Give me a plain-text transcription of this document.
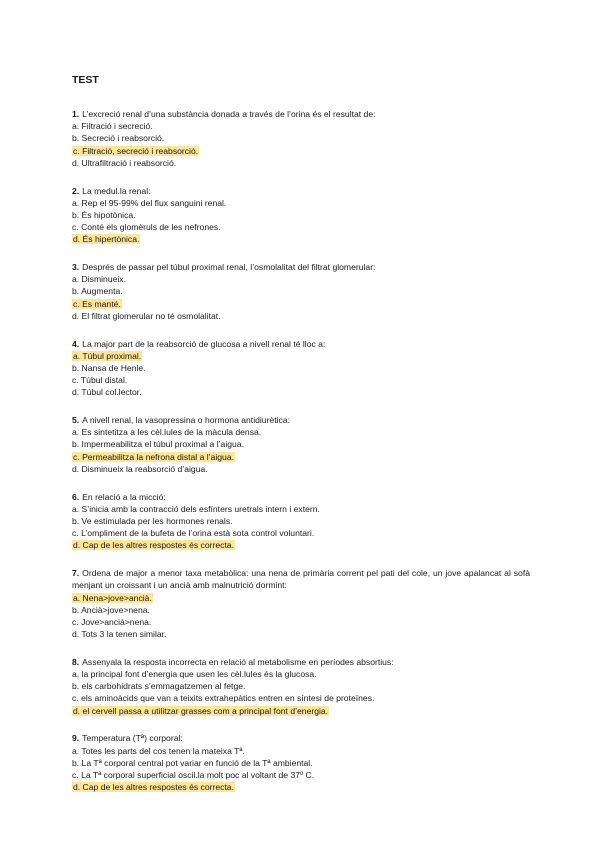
TEST

1. L’excreció renal d’una substància donada a través de l’orina és el resultat de:

a. Filtració i secreció.

b. Secreció i reabsorció.

c. Filtració, secreció i reabsorció.

d. Ultrafiltració i reabsorció.

2. La medul.la renal:

a. Rep el 95-99% del flux sanguini renal.

b. És hipotònica.

c. Conté els glomèruls de les nefrones.

d. És hipertònica.

3. Després de passar pel túbul proximal renal, l’osmolalitat del filtrat glomerular:

a. Disminueix.

b. Augmenta.

c. Es manté.

d. El filtrat glomerular no té osmolalitat.

4. La major part de la reabsorció de glucosa a nivell renal té lloc a:

a. Túbul proximal.

b. Nansa de Henle.

c. Túbul distal.

d. Túbul col.lector.

5. A nivell renal, la vasopressina o hormona antidiurètica:

a. Es sintetitza a les cèl.lules de la màcula densa.

b. Impermeabilitza el túbul proximal a l’aigua.

c. Permeabilitza la nefrona distal a l’aigua.

d. Disminueix la reabsorció d’aigua.

6. En relació a la micció:

a. S’inicia amb la contracció dels esfínters uretrals intern i extern.

b. Ve estimulada per les hormones renals.

c. L’ompliment de la bufeta de l’orina està sota control voluntari.

d. Cap de les altres respostes és correcta.

7. Ordena de major a menor taxa metabòlica: una nena de primària corrent pel pati del cole, un jove apalancat al sofà menjant un croissant i un ancià amb malnutrició dormint:

a. Nena>jove>ancià.

b. Ancià>jove>nena.

c. Jove>ancià>nena.

d. Tots 3 la tenen similar.

8. Assenyala la resposta incorrecta en relació al metabolisme en períodes absortius:

a. la principal font d’energia que usen les cèl.lules és la glucosa.

b. els carbohidrats s’emmagatzemen al fetge.

c. els aminoàcids que van a teixits extrahepàtics entren en síntesi de proteïnes.

d. el cervell passa a utilitzar grasses com a principal font d’energia.

9. Temperatura (Tª) corporal:

a. Totes les parts del cos tenen la mateixa Tª.

b. La Tª corporal central pot variar en funció de la Tª ambiental.

c. La Tª corporal superficial oscil.la molt poc al voltant de 37º C.

d. Cap de les altres respostes és correcta.
